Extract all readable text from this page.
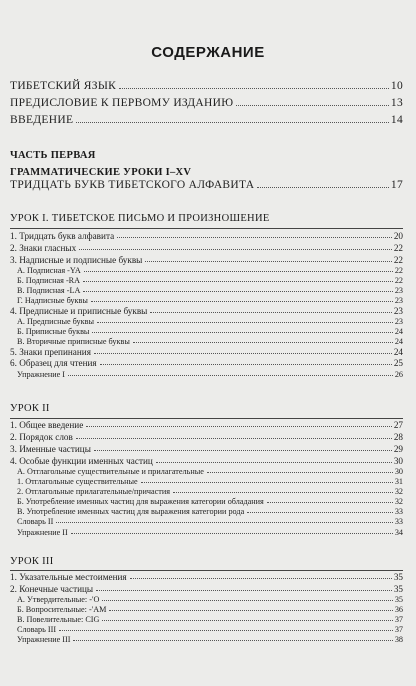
СОДЕРЖАНИЕ
ТИБЕТСКИЙ ЯЗЫК	10
ПРЕДИСЛОВИЕ К ПЕРВОМУ ИЗДАНИЮ	13
ВВЕДЕНИЕ	14
ЧАСТЬ ПЕРВАЯ
ГРАММАТИЧЕСКИЕ УРОКИ I–XV
ТРИДЦАТЬ БУКВ ТИБЕТСКОГО АЛФАВИТА	17
УРОК I. ТИБЕТСКОЕ ПИСЬМО И ПРОИЗНОШЕНИЕ
1. Тридцать букв алфавита	20
2. Знаки гласных	22
3. Надписные и подписные буквы	22
А. Подписная -YA	22
Б. Подписная -RA	22
В. Подписная -LA	23
Г. Надписные буквы	23
4. Предписные и приписные буквы	23
А. Предписные буквы	23
Б. Приписные буквы	24
В. Вторичные приписные буквы	24
5. Знаки препинания	24
6. Образец для чтения	25
Упражнение I	26
УРОК II
1. Общее введение	27
2. Порядок слов	28
3. Именные частицы	29
4. Особые функции именных частиц	30
А. Отглагольные существительные и прилагательные	30
1. Отглагольные существительные	31
2. Отглагольные прилагательные/причастия	32
Б. Употребление именных частиц для выражения категории обладания	32
В. Употребление именных частиц для выражения категории рода	33
Словарь II	33
Упражнение II	34
УРОК III
1. Указательные местоимения	35
2. Конечные частицы	35
А. Утвердительные: -'O	35
Б. Вопросительные: -'AM	36
В. Повелительные: CIG	37
Словарь III	37
Упражнение III	38
